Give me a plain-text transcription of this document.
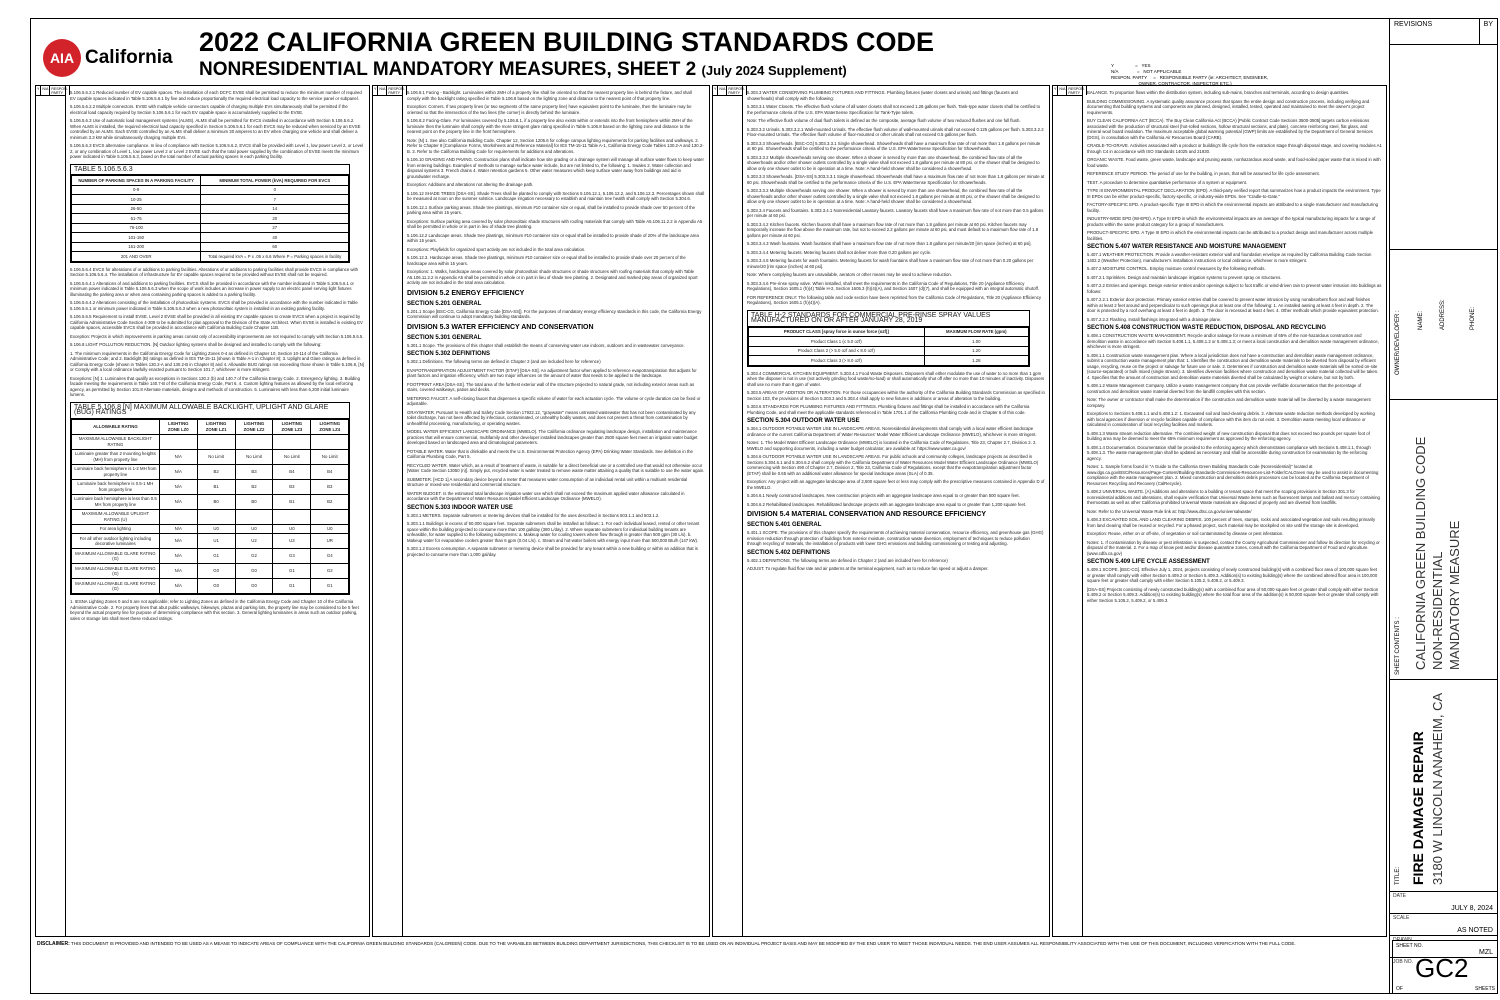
AIA California
2022 CALIFORNIA GREEN BUILDING STANDARDS CODE
NONRESIDENTIAL MANDATORY MEASURES, SHEET 2 (July 2024 Supplement)	Y                 =   YES
N/A               =   NOT APPLICABLE
RESPON. PARTY     =   RESPONSIBLE PARTY (ie: ARCHITECT, ENGINEER,
OWNER, CONTRACTOR, INSPECTOR ETC.)
Y N/A RESPON. PARTY	5.106.5.6.2.1 Reduced number of EV capable spaces. The installation of each DCFC EVSE shall be permitted to reduce the minimum number of required EV capable spaces indicated in Table 5.106.5.6.1 by five and reduce proportionally the required electrical load capacity to the service panel or subpanel.

5.106.5.6.2.2 Multiple connectors. EVSE with multiple vehicle connectors capable of charging multiple EVs simultaneously shall be permitted if the electrical load capacity required by Section 5.106.5.6.1 for each EV capable space is accumulatively supplied to the EVSE.

5.106.5.6.3 Use of automatic load management systems (ALMS). ALMS shall be permitted for EVCS installed in accordance with Section 5.106.5.6.2. When ALMS is installed, the required electrical load capacity specified in Section 5.106.5.6.1 for each EVCS may be reduced when serviced by an EVSE controlled by an ALMS. Each EVSE controlled by an ALMS shall deliver a minimum 30 amperes to an EV when charging one vehicle and shall deliver a minimum 3.3 kW while simultaneously charging multiple EVs.

5.106.5.6.3 EVCS alternative compliance. In lieu of compliance with Section 5.106.5.6.2, EVCS shall be provided with Level 1, low power Level 2, or Level 2, or any combination of Level 1, low power Level 2 or Level 2 EVSE such that the total power supplied by the combination of EVSE meets the minimum power indicated in Table 5.106.5.6.3, based on the total number of actual parking spaces in each parking facility.

TABLE 5.106.5.6.3
NUMBER OF PARKING SPACES IN A PARKING FACILITY	MINIMUM TOTAL POWER (kVA) REQUIRED FOR EVCS
0-9	0
10-25	7
26-50	14
51-75	20
76-100	27
101-150	40
151-200	60
201 AND OVER	Total required kVA = P x .05 x 6.6 Where P = Parking spaces in facility

5.106.5.6.4 EVCS for alterations of or additions to parking facilities. Alterations of or additions to parking facilities shall provide EVCS in compliance with Section 5.106.5.6.4. The installation of infrastructure for EV capable spaces required to be provided without EVSE shall not be required.

5.106.5.6.4.1 Alterations of and additions to parking facilities. EVCS shall be provided in accordance with the number indicated in Table 5.106.5.6.1 or minimum power indicated in Table 5.106.5.6.3 when the scope of work includes an increase in power supply to an electric panel serving light fixtures illuminating the parking area or when area containing parking spaces is added to a parking facility.

5.106.5.6.4.2 Alterations consisting of the installation of photovoltaic systems. EVCS shall be provided in accordance with the number indicated in Table 5.106.5.6.1 or minimum power indicated in Table 5.106.5.6.3 when a new photovoltaic system is installed in an existing parking facility.

5.106.5.6.5 Requirement to install EVSE. Level 2 EVSE shall be provided in all existing EV capable spaces to create EVCS when a project is required by California Administrative Code Section 4-309 to be submitted for plan approval to the Division of the State Architect. When EVSE is installed in existing EV capable spaces, accessible EVCS shall be provided in accordance with California Building Code Chapter 11B.

Exception: Projects in which improvements in parking areas consist only of accessibility improvements are not required to comply with Section 5.106.5.6.5.

5.106.8 LIGHT POLLUTION REDUCTION. [N] Outdoor lighting systems shall be designed and installed to comply with the following:

1. The minimum requirements in the California Energy Code for Lighting Zones 0-4 as defined in Chapter 10, Section 10-114 of the California Administrative Code; and 2. Backlight (B) ratings as defined in IES TM-15-11 (shown in Table A-1 in Chapter 8); 3. Uplight and Glare ratings as defined in California Energy Code (shown in Tables 130.2-A and 130.2-B in Chapter 8) and 4. Allowable BUG ratings not exceeding those shown in Table 5.106.8, [N] or Comply with a local ordinance lawfully enacted pursuant to Section 101.7, whichever is more stringent.

Exceptions: [N] 1. Luminaires that qualify as exceptions in Sections 130.2 (b) and 140.7 of the California Energy Code. 2. Emergency lighting. 3. Building facade meeting the requirements in Table 140.7-B of the California Energy Code, Part 6. 4. Custom lighting features as allowed by the local enforcing agency, as permitted by Section 101.8 Alternate materials, designs and methods of construction. 5. Luminaires with less than 6,200 initial luminaire lumens.

TABLE 5.106.8 [N] MAXIMUM ALLOWABLE BACKLIGHT, UPLIGHT AND GLARE (BUG) RATINGS
ALLOWABLE RATING	LIGHTING ZONE LZ0	LIGHTING ZONE LZ1	LIGHTING ZONE LZ2	LIGHTING ZONE LZ3	LIGHTING ZONE LZ4
MAXIMUM ALLOWABLE BACKLIGHT RATING					
Luminaire greater than 2 mounting heights (MH) from property line	N/A	No Limit	No Limit	No Limit	No Limit
Luminaire back hemisphere is 1-2 MH from property line	N/A	B2	B3	B4	B4
Luminaire back hemisphere is 0.5-1 MH from property line	N/A	B1	B2	B3	B3
Luminaire back hemisphere is less than 0.5 MH from property line	N/A	B0	B0	B1	B2
MAXIMUM ALLOWABLE UPLIGHT RATING (U)					
For area lighting	N/A	U0	U0	U0	U0
For all other outdoor lighting including decorative luminaires	N/A	U1	U2	U3	UR
MAXIMUM ALLOWABLE GLARE RATING (G)	N/A	G1	G2	G3	G4
MAXIMUM ALLOWABLE GLARE RATING (G)	N/A	G0	G0	G1	G2
MAXIMUM ALLOWABLE GLARE RATING (G)	N/A	G0	G0	G1	G1

1. IESNA Lighting Zones 0 and 5 are not applicable; refer to Lighting Zones as defined in the California Energy Code and Chapter 10 of the California Administrative Code. 2. For property lines that abut public walkways, bikeways, plazas and parking lots, the property line may be considered to be 5 feet beyond the actual property line for purpose of determining compliance with this section. 3. General lighting luminaires in areas such as outdoor parking, sales or storage lots shall meet these reduced ratings.

Y N/A RESPON. PARTY	5.106.8.1 Facing - Backlight. Luminaires within 2MH of a property line shall be oriented so that the nearest property line is behind the fixture, and shall comply with the backlight rating specified in Table 5.106.8 based on the lighting zone and distance to the nearest point of that property line.

Exception: Corners. If two property lines (or two segments of the same property line) have equivalent point to the luminaire, then the luminaire may be oriented so that the intersection of the two lines (the corner) is directly behind the luminaire.

5.106.8.2 Facing-Glare. For luminaires covered by 5.106.8.1, if a property line also exists within or extends into the front hemisphere within 2MH of the luminaire then the luminaire shall comply with the more stringent glare rating specified in Table 5.106.8 based on the lighting zone and distance to the nearest point on the property line in the front hemisphere.

Note: [N] 1. See also California Building Code, Chapter 12, Section 1205.6 for college campus lighting requirements for parking facilities and walkways. 2. Refer to Chapter 8 [Compliance Forms, Worksheets and Reference Material] for IES TM-15-11 Table A-1, California Energy Code Tables 130.2-A and 130.2-B. 3. Refer to the California Building Code for requirements for additions and alterations.

5.106.10 GRADING AND PAVING. Construction plans shall indicate how site grading or a drainage system will manage all surface water flows to keep water from entering buildings. Examples of methods to manage surface water include, but are not limited to, the following: 1. Swales 2. Water collection and disposal systems 3. French drains 4. Water retention gardens 5. Other water measures which keep surface water away from buildings and aid in groundwater recharge.

Exception: Additions and alterations not altering the drainage path.

5.106.12 SHADE TREES [DSA-SS]. Shade Trees shall be planted to comply with Sections 5.106.12.1, 5.106.12.2, and 5.106.12.3. Percentages shown shall be measured at noon on the summer solstice. Landscape irrigation necessary to establish and maintain tree health shall comply with Section 5.304.6.

5.106.12.1 Surface parking areas. Shade tree plantings, minimum #10 container size or equal, shall be installed to provide shade over 50 percent of the parking area within 15 years.

Exceptions: Surface parking area covered by solar photovoltaic shade structures with roofing materials that comply with Table A5.106.11.2.2 in Appendix A5 shall be permitted in whole or in part in lieu of shade tree planting.

5.106.12.2 Landscape areas. Shade tree plantings, minimum #10 container size or equal shall be installed to provide shade of 20% of the landscape area within 15 years.

Exceptions: Playfields for organized sport activity are not included in the total area calculation.

5.106.12.3. Hardscape areas. Shade tree plantings, minimum #10 container size or equal shall be installed to provide shade over 20 percent of the hardscape area within 15 years.

Exceptions: 1. Walks, hardscape areas covered by solar photovoltaic shade structures or shade structures with roofing materials that comply with Table A5.106.11.2.2 in Appendix A5 shall be permitted in whole or in part in lieu of shade tree planting. 2. Designated and marked play areas of organized sport activity are not included in the total area calculation.

DIVISION 5.2 ENERGY EFFICIENCY
SECTION 5.201 GENERAL

5.201.1 Scope [BSC-CG, California Energy Code [DSA-SS]]. For the purposes of mandatory energy efficiency standards in this code, the California Energy Commission will continue to adopt mandatory building standards.

DIVISION 5.3 WATER EFFICIENCY AND CONSERVATION
SECTION 5.301 GENERAL

5.301.1 Scope. The provisions of this chapter shall establish the means of conserving water use indoors, outdoors and in wastewater conveyance.

SECTION 5.302 DEFINITIONS

5.302.1 Definitions. The following terms are defined in Chapter 2 (and are included here for reference)

EVAPOTRANSPIRATION ADJUSTMENT FACTOR (ETAF) [DSA-SS]. An adjustment factor when applied to reference evapotranspiration that adjusts for plant factors and irrigation efficiency, which are two major influences on the amount of water that needs to be applied to the landscape.

FOOTPRINT AREA [DSA-SS]. The total area of the furthest exterior wall of the structure projected to natural grade, not including exterior areas such as stairs, covered walkways, patios and decks.

METERING FAUCET. A self-closing faucet that dispenses a specific volume of water for each actuation cycle. The volume or cycle duration can be fixed or adjustable.

GRAYWATER. Pursuant to Health and Safety Code Section 17922.12, "graywater" means untreated wastewater that has not been contaminated by any toilet discharge, has not been affected by infectious, contaminated, or unhealthy bodily wastes, and does not present a threat from contamination by unhealthful processing, manufacturing, or operating wastes.

MODEL WATER EFFICIENT LANDSCAPE ORDINANCE (MWELO). The California ordinance regulating landscape design, installation and maintenance practices that will ensure commercial, multifamily and other developer installed landscapes greater than 2500 square feet meet an irrigation water budget developed based on landscaped area and climatological parameters.

POTABLE WATER. Water that is drinkable and meets the U.S. Environmental Protection Agency (EPA) Drinking Water Standards. See definition in the California Plumbing Code, Part 5.

RECYCLED WATER. Water which, as a result of treatment of waste, is suitable for a direct beneficial use or a controlled use that would not otherwise occur [Water Code Section 13050 (n)]. Simply put, recycled water is water treated to remove waste matter attaining a quality that is suitable to use the water again.

SUBMETER. [HCD 1] A secondary device beyond a meter that measures water consumption of an individual rental unit within a multiunit residential structure or mixed-use residential and commercial structure.

WATER BUDGET. Is the estimated total landscape irrigation water use which shall not exceed the maximum applied water allowance calculated in accordance with the Department of Water Resources Model Efficient Landscape Ordinance (MWELO).

SECTION 5.303 INDOOR WATER USE

5.303.1 METERS. Separate submeters or metering devices shall be installed for the uses described in Sections 503.1.1 and 503.1.2.

5.303.1.1 Buildings in excess of 50,000 square feet. Separate submeters shall be installed as follows: 1. For each individual leased, rented or other tenant space within the building projected to consume more than 100 gal/day (380 L/day). 2. Where separate submeters for individual building tenants are unfeasible, for water supplied to the following subsystems: a. Makeup water for cooling towers where flow through is greater than 500 gpm (30 L/s). b. Makeup water for evaporative coolers greater than 6 gpm (0.04 L/s). c. Steam and hot-water boilers with energy input more than 500,000 Btu/h (147 kW).

5.303.1.2 Excess consumption. A separate submeter or metering device shall be provided for any tenant within a new building or within an addition that is projected to consume more than 1,000 gal/day.

Y N/A RESPON. PARTY	5.303.3 WATER CONSERVING PLUMBING FIXTURES AND FITTINGS. Plumbing fixtures (water closets and urinals) and fittings (faucets and showerheads) shall comply with the following:

5.303.3.1 Water Closets. The effective flush volume of all water closets shall not exceed 1.28 gallons per flush. Tank-type water closets shall be certified to the performance criteria of the U.S. EPA WaterSense Specification for Tank-Type toilets.

Note: The effective flush volume of dual flush toilets is defined as the composite, average flush volume of two reduced flushes and one full flush.

5.303.3.2 Urinals. 5.303.3.2.1 Wall-mounted Urinals. The effective flush volume of wall-mounted urinals shall not exceed 0.125 gallons per flush. 5.303.3.2.2 Floor-mounted Urinals. The effective flush volume of floor-mounted or other urinals shall not exceed 0.5 gallons per flush.

5.303.3.3 Showerheads. [BSC-CG] 5.303.3.3.1 Single showerhead. Showerheads shall have a maximum flow rate of not more than 1.8 gallons per minute at 80 psi. Showerheads shall be certified to the performance criteria of the U.S. EPA WaterSense Specification for Showerheads.

5.303.3.3.2 Multiple showerheads serving one shower. When a shower is served by more than one showerhead, the combined flow rate of all the showerheads and/or other shower outlets controlled by a single valve shall not exceed 1.8 gallons per minute at 80 psi, or the shower shall be designed to allow only one shower outlet to be in operation at a time. Note: A hand-held shower shall be considered a showerhead.

5.303.3.3 Showerheads. [DSA-SS] 5.303.3.3.1 Single showerhead. Showerheads shall have a maximum flow rate of not more than 1.8 gallons per minute at 80 psi. Showerheads shall be certified to the performance criteria of the U.S. EPA WaterSense Specification for Showerheads.

5.303.3.3.2 Multiple showerheads serving one shower. When a shower is served by more than one showerhead, the combined flow rate of all the showerheads and/or other shower outlets controlled by a single valve shall not exceed 1.8 gallons per minute at 80 psi, or the shower shall be designed to allow only one shower outlet to be in operation at a time. Note: A hand-held shower shall be considered a showerhead.

5.303.3.4 Faucets and fountains. 5.303.3.4.1 Nonresidential Lavatory faucets. Lavatory faucets shall have a maximum flow rate of not more than 0.5 gallons per minute at 60 psi.

5.303.3.4.2 Kitchen faucets. Kitchen faucets shall have a maximum flow rate of not more than 1.8 gallons per minute at 60 psi. Kitchen faucets may temporarily increase the flow above the maximum rate, but not to exceed 2.2 gallons per minute at 60 psi, and must default to a maximum flow rate of 1.8 gallons per minute at 60 psi.

5.303.3.4.3 Wash fountains. Wash fountains shall have a maximum flow rate of not more than 1.8 gallons per minute/20 [rim space (inches) at 60 psi].

5.303.3.4.4 Metering faucets. Metering faucets shall not deliver more than 0.20 gallons per cycle.

5.303.3.4.5 Metering faucets for wash fountains. Metering faucets for wash fountains shall have a maximum flow rate of not more than 0.20 gallons per minute/20 [rim space (inches) at 60 psi].

Note: Where complying faucets are unavailable, aerators or other means may be used to achieve reduction.

5.303.3.4.6 Pre-rinse spray valve. When installed, shall meet the requirements in the California Code of Regulations, Title 20 (Appliance Efficiency Regulations), Section 1605.1 (h)(4) Table H-2, Section 1605.3 (h)(4)(A), and Section 1607 (d)(7), and shall be equipped with an integral automatic shutoff.

FOR REFERENCE ONLY: The following table and code section have been reprinted from the California Code of Regulations, Title 20 (Appliance Efficiency Regulations), Section 1605.1 (h)(4)(A).

TABLE H-2 STANDARDS FOR COMMERCIAL PRE-RINSE SPRAY VALUES MANUFACTURED ON OR AFTER JANUARY 28, 2019
PRODUCT CLASS [spray force in ounce force (ozf)]	MAXIMUM FLOW RATE (gpm)
Product Class 1 (≤ 5.0 ozf)	1.00
Product Class 2 (> 5.0 ozf and ≤ 8.0 ozf)	1.20
Product Class 3 (> 8.0 ozf)	1.28

5.303.4 COMMERCIAL KITCHEN EQUIPMENT. 5.303.4.1 Food Waste Disposers. Disposers shall either modulate the use of water to no more than 1 gpm when the disposer is not in use (not actively grinding food waste/no-load) or shall automatically shut off after no more than 10 minutes of inactivity. Disposers shall use no more than 8 gpm of water.

5.303.5 AREAS OF ADDITION OR ALTERATION. For those occupancies within the authority of the California Building Standards Commission as specified in Section 103, the provisions of Section 5.303.3 and 5.303.4 shall apply to new fixtures in additions or areas of alteration to the building.

5.303.6 STANDARDS FOR PLUMBING FIXTURES AND FITTINGS. Plumbing fixtures and fittings shall be installed in accordance with the California Plumbing Code, and shall meet the applicable standards referenced in Table 1701.1 of the California Plumbing Code and in Chapter 6 of this code.

SECTION 5.304 OUTDOOR WATER USE

5.304.1 OUTDOOR POTABLE WATER USE IN LANDSCAPE AREAS. Nonresidential developments shall comply with a local water efficient landscape ordinance or the current California Department of Water Resources' Model Water Efficient Landscape Ordinance (MWELO), whichever is more stringent.

Notes: 1. The Model Water Efficient Landscape Ordinance (MWELO) is located in the California Code of Regulations, Title 23, Chapter 2.7, Division 2. 2. MWELO and supporting documents, including a water budget calculator, are available at: https://www.water.ca.gov/

5.304.6 OUTDOOR POTABLE WATER USE IN LANDSCAPE AREAS. For public schools and community colleges, landscape projects as described in Sections 5.304.6.1 and 5.304.6.2 shall comply with the California Department of Water Resources Model Water Efficient Landscape Ordinance (MWELO) commencing with Section 490 of Chapter 2.7, Division 2, Title 23, California Code of Regulations, except that the evapotranspiration adjustment factor (ETAF) shall be 0.65 with an additional water allowance for special landscape areas (SLA) of 0.35.

Exception: Any project with an aggregate landscape area of 2,500 square feet or less may comply with the prescriptive measures contained in Appendix D of the MWELO.

5.304.6.1 Newly constructed landscapes. New construction projects with an aggregate landscape area equal to or greater than 500 square feet.

5.304.6.2 Rehabilitated landscapes. Rehabilitated landscape projects with an aggregate landscape area equal to or greater than 1,200 square feet.

DIVISION 5.4 MATERIAL CONSERVATION AND RESOURCE EFFICIENCY
SECTION 5.401 GENERAL

5.401.1 SCOPE. The provisions of this chapter specify the requirements of achieving material conservation, resource efficiency, and greenhouse gas (GHG) emission reduction through protection of buildings from exterior moisture, construction waste diversion, employment of techniques to reduce pollution through recycling of materials, the installation of products with lower GHG emissions and building commissioning or testing and adjusting.

SECTION 5.402 DEFINITIONS

5.402.1 DEFINITIONS. The following terms are defined in Chapter 2 (and are included here for reference)

ADJUST. To regulate fluid flow rate and air patterns at the terminal equipment, such as to reduce fan speed or adjust a damper.

Y N/A RESPON. PARTY	BALANCE. To proportion flows within the distribution system, including sub-mains, branches and terminals, according to design quantities.

BUILDING COMMISSIONING. A systematic quality assurance process that spans the entire design and construction process, including verifying and documenting that building systems and components are planned, designed, installed, tested, operated and maintained to meet the owner's project requirements.

BUY CLEAN CALIFORNIA ACT (BCCA). The Buy Clean California Act (BCCA) [Public Contract Code Sections 3500-3505] targets carbon emissions associated with the production of structural steel (hot-rolled sections, hollow structural sections, and plate), concrete reinforcing steel, flat glass, and mineral wool board insulation. The maximum acceptable global warming potential (GWP) limits are established by the Department of General Services (DGS), in consultation with the California Air Resources Board (CARB).

CRADLE-TO-GRAVE. Activities associated with a product or building's life cycle from the extraction stage through disposal stage, and covering modules A1 through C4 in accordance with ISO Standards 14025 and 21930.

ORGANIC WASTE. Food waste, green waste, landscape and pruning waste, nonhazardous wood waste, and food-soiled paper waste that is mixed in with food waste.

REFERENCE STUDY PERIOD. The period of use for the building, in years, that will be assumed for life cycle assessment.

TEST. A procedure to determine quantitative performance of a system or equipment.

TYPE III ENVIRONMENTAL PRODUCT DECLARATION (EPD). A third-party verified report that summarizes how a product impacts the environment. Type III EPDs can be either product-specific, factory-specific, or industry-wide EPDs. See "Cradle-to-Gate."

FACTORY-SPECIFIC EPD. A product-specific Type III EPD in which the environmental impacts are attributed to a single manufacturer and manufacturing facility.

INDUSTRY-WIDE EPD (IW-EPD). A Type III EPD in which the environmental impacts are an average of the typical manufacturing impacts for a range of products within the same product category for a group of manufacturers.

PRODUCT-SPECIFIC EPD. A Type III EPD in which the environmental impacts can be attributed to a product design and manufacturer across multiple facilities.

SECTION 5.407 WATER RESISTANCE AND MOISTURE MANAGEMENT

5.407.1 WEATHER PROTECTION. Provide a weather-resistant exterior wall and foundation envelope as required by California Building Code Section 1402.2 (Weather Protection), manufacturer's installation instructions or local ordinance, whichever is more stringent.

5.407.2 MOISTURE CONTROL. Employ moisture control measures by the following methods.

5.407.2.1 Sprinklers. Design and maintain landscape irrigation systems to prevent spray on structures.

5.407.2.2 Entries and openings. Design exterior entries and/or openings subject to foot traffic or wind-driven rain to prevent water intrusion into buildings as follows:

5.407.2.2.1 Exterior door protection. Primary exterior entries shall be covered to prevent water intrusion by using nonabsorbent floor and wall finishes within at least 2 feet around and perpendicular to such openings plus at least one of the following: 1. An installed awning at least 4 feet in depth. 2. The door is protected by a roof overhang at least 4 feet in depth. 3. The door is recessed at least 4 feet. 4. Other methods which provide equivalent protection.

5.407.2.2.2 Flashing. Install flashings integrated with a drainage plane.

SECTION 5.408 CONSTRUCTION WASTE REDUCTION, DISPOSAL AND RECYCLING

5.408.1 CONSTRUCTION WASTE MANAGEMENT. Recycle and/or salvage for reuse a minimum of 65% of the non-hazardous construction and demolition waste in accordance with Section 5.408.1.1, 5.408.1.2 or 5.408.1.3; or meet a local construction and demolition waste management ordinance, whichever is more stringent.

5.408.1.1 Construction waste management plan. Where a local jurisdiction does not have a construction and demolition waste management ordinance, submit a construction waste management plan that: 1. Identifies the construction and demolition waste materials to be diverted from disposal by efficient usage, recycling, reuse on the project or salvage for future use or sale. 2. Determines if construction and demolition waste materials will be sorted on-site (source-separated) or bulk mixed (single stream). 3. Identifies diversion facilities where construction and demolition waste material collected will be taken. 4. Specifies that the amount of construction and demolition waste materials diverted shall be calculated by weight or volume, but not by both.

5.408.1.2 Waste Management Company. Utilize a waste management company that can provide verifiable documentation that the percentage of construction and demolition waste material diverted from the landfill complies with this section.

Note: The owner or contractor shall make the determination if the construction and demolition waste material will be diverted by a waste management company.

Exceptions to Sections 5.408.1.1 and 5.408.1.2: 1. Excavated soil and land-clearing debris. 2. Alternate waste reduction methods developed by working with local agencies if diversion or recycle facilities capable of compliance with this item do not exist. 3. Demolition waste meeting local ordinance or calculated in consideration of local recycling facilities and markets.

5.408.1.3 Waste stream reduction alternative. The combined weight of new construction disposal that does not exceed two pounds per square foot of building area may be deemed to meet the 65% minimum requirement as approved by the enforcing agency.

5.408.1.4 Documentation. Documentation shall be provided to the enforcing agency which demonstrates compliance with Sections 5.408.1.1, through 5.408.1.3. The waste management plan shall be updated as necessary and shall be accessible during construction for examination by the enforcing agency.

Notes: 1. Sample forms found in "A Guide to the California Green Building Standards Code (Nonresidential)" located at www.dgs.ca.gov/BSC/Resources/Page-Content/Building-Standards-Commission-Resources-List-Folder/CALGreen may be used to assist in documenting compliance with the waste management plan. 2. Mixed construction and demolition debris processors can be located at the California Department of Resources Recycling and Recovery (CalRecycle).

5.408.2 UNIVERSAL WASTE. [A] Additions and alterations to a building or tenant space that meet the scoping provisions in Section 301.3 for nonresidential additions and alterations, shall require verification that Universal Waste items such as fluorescent lamps and ballast and mercury containing thermostats as well as other California prohibited Universal Waste materials are disposed of properly and are diverted from landfills.

Note: Refer to the Universal Waste Rule link at: http://www.dtsc.ca.gov/universalwaste/

5.408.3 EXCAVATED SOIL AND LAND CLEARING DEBRIS. 100 percent of trees, stumps, rocks and associated vegetation and soils resulting primarily from land clearing shall be reused or recycled. For a phased project, such material may be stockpiled on site until the storage site is developed.

Exception: Reuse, either on or off-site, of vegetation or soil contaminated by disease or pest infestation.

Notes: 1. If contamination by disease or pest infestation is suspected, contact the County Agricultural Commissioner and follow its direction for recycling or disposal of the material. 2. For a map of know pest and/or disease quarantine zones, consult with the California Department of Food and Agriculture. (www.cdfa.ca.gov)

SECTION 5.409 LIFE CYCLE ASSESSMENT

5.409.1 SCOPE. [BSC-CG]. Effective July 1, 2024, projects consisting of newly constructed building(s) with a combined floor area of 100,000 square feet or greater shall comply with either Section 5.409.2 or Section 5.409.3. Addition(s) to existing building(s) where the combined altered floor area is 100,000 square feet or greater shall comply with either Section 5.105.2, 5.409.2, or 5.409.3.

[DSA-SS] Projects consisting of newly constructed building(s) with a combined floor area of 50,000 square feet or greater shall comply with either Section 5.409.2 or Section 5.409.3. Addition(s) to existing building(s) where the total floor area of the addition(s) is 50,000 square feet or greater shall comply with either Section 5.105.2, 5.409.2, or 5.409.3.

DISCLAIMER: THIS DOCUMENT IS PROVIDED AND INTENDED TO BE USED AS A MEANS TO INDICATE AREAS OF COMPLIANCE WITH THE CALIFORNIA GREEN BUILDING STANDARDS (CALGREEN) CODE. DUE TO THE VARIABLES BETWEEN BUILDING DEPARTMENT JURISDICTIONS, THIS CHECKLIST IS TO BE USED ON AN INDIVIDUAL PROJECT BASIS AND MAY BE MODIFIED BY THE END USER TO MEET THOSE INDIVIDUAL NEEDS. THE END USER ASSUMES ALL RESPONSIBILITY ASSOCIATED WITH THE USE OF THIS DOCUMENT, INCLUDING VERIFICATION WITH THE FULL CODE.
REVISIONS	BY
OWNER/DEVELOPER :	NAME:	ADDRESS:	PHONE:
SHEET CONTENTS : CALIFORNIA GREEN BUILDING CODE
NON-RESIDENTIAL
MANDATORY MEASURE
TITLE: FIRE DAMAGE REPAIR 3180 W LINCOLN ANAHEIM, CA
DATE
JULY 8, 2024
SCALE
AS NOTED
DRAWN
MZL
JOB NO.
SHEET NO.
GC2
OF	SHEETS
